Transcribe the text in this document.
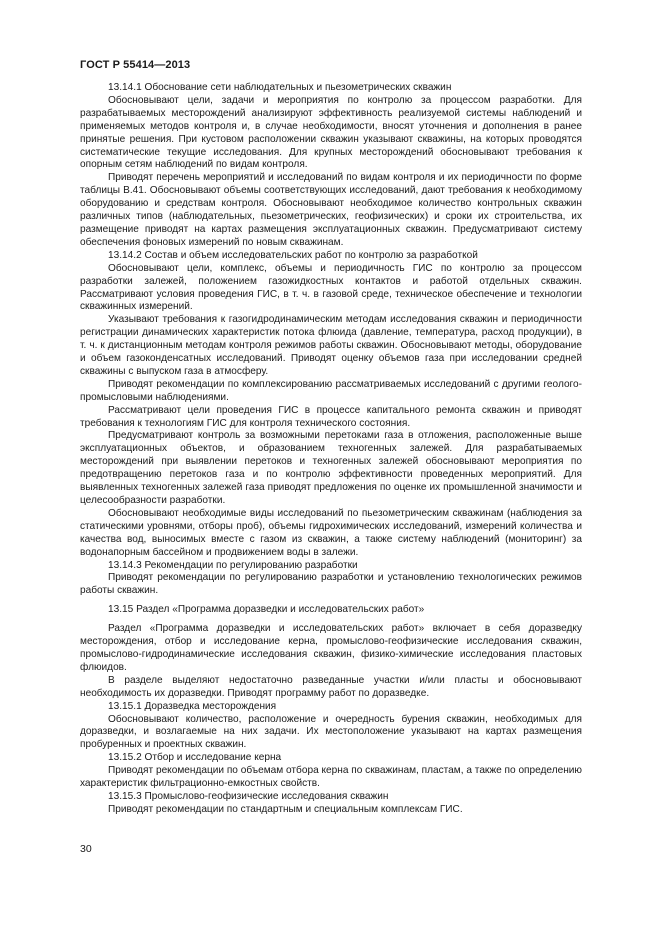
ГОСТ Р 55414—2013

13.14.1 Обоснование сети наблюдательных и пьезометрических скважин

Обосновывают цели, задачи и мероприятия по контролю за процессом разработки. Для разрабатываемых месторождений анализируют эффективность реализуемой системы наблюдений и применяемых методов контроля и, в случае необходимости, вносят уточнения и дополнения в ранее принятые решения. При кустовом расположении скважин указывают скважины, на которых проводятся систематические текущие исследования. Для крупных месторождений обосновывают требования к опорным сетям наблюдений по видам контроля.

Приводят перечень мероприятий и исследований по видам контроля и их периодичности по форме таблицы В.41. Обосновывают объемы соответствующих исследований, дают требования к необходимому оборудованию и средствам контроля. Обосновывают необходимое количество контрольных скважин различных типов (наблюдательных, пьезометрических, геофизических) и сроки их строительства, их размещение приводят на картах размещения эксплуатационных скважин. Предусматривают систему обеспечения фоновых измерений по новым скважинам.

13.14.2 Состав и объем исследовательских работ по контролю за разработкой

Обосновывают цели, комплекс, объемы и периодичность ГИС по контролю за процессом разработки залежей, положением газожидкостных контактов и работой отдельных скважин. Рассматривают условия проведения ГИС, в т. ч. в газовой среде, техническое обеспечение и технологии скважинных измерений.

Указывают требования к газогидродинамическим методам исследования скважин и периодичности регистрации динамических характеристик потока флюида (давление, температура, расход продукции), в т. ч. к дистанционным методам контроля режимов работы скважин. Обосновывают методы, оборудование и объем газоконденсатных исследований. Приводят оценку объемов газа при исследовании средней скважины с выпуском газа в атмосферу.

Приводят рекомендации по комплексированию рассматриваемых исследований с другими геолого-промысловыми наблюдениями.

Рассматривают цели проведения ГИС в процессе капитального ремонта скважин и приводят требования к технологиям ГИС для контроля технического состояния.

Предусматривают контроль за возможными перетоками газа в отложения, расположенные выше эксплуатационных объектов, и образованием техногенных залежей. Для разрабатываемых месторождений при выявлении перетоков и техногенных залежей обосновывают мероприятия по предотвращению перетоков газа и по контролю эффективности проведенных мероприятий. Для выявленных техногенных залежей газа приводят предложения по оценке их промышленной значимости и целесообразности разработки.

Обосновывают необходимые виды исследований по пьезометрическим скважинам (наблюдения за статическими уровнями, отборы проб), объемы гидрохимических исследований, измерений количества и качества вод, выносимых вместе с газом из скважин, а также систему наблюдений (мониторинг) за водонапорным бассейном и продвижением воды в залежи.

13.14.3 Рекомендации по регулированию разработки

Приводят рекомендации по регулированию разработки и установлению технологических режимов работы скважин.

13.15 Раздел «Программа доразведки и исследовательских работ»

Раздел «Программа доразведки и исследовательских работ» включает в себя доразведку месторождения, отбор и исследование керна, промыслово-геофизические исследования скважин, промыслово-гидродинамические исследования скважин, физико-химические исследования пластовых флюидов.

В разделе выделяют недостаточно разведанные участки и/или пласты и обосновывают необходимость их доразведки. Приводят программу работ по доразведке.

13.15.1 Доразведка месторождения

Обосновывают количество, расположение и очередность бурения скважин, необходимых для доразведки, и возлагаемые на них задачи. Их местоположение указывают на картах размещения пробуренных и проектных скважин.

13.15.2 Отбор и исследование керна

Приводят рекомендации по объемам отбора керна по скважинам, пластам, а также по определению характеристик фильтрационно-емкостных свойств.

13.15.3 Промыслово-геофизические исследования скважин

Приводят рекомендации по стандартным и специальным комплексам ГИС.

30
